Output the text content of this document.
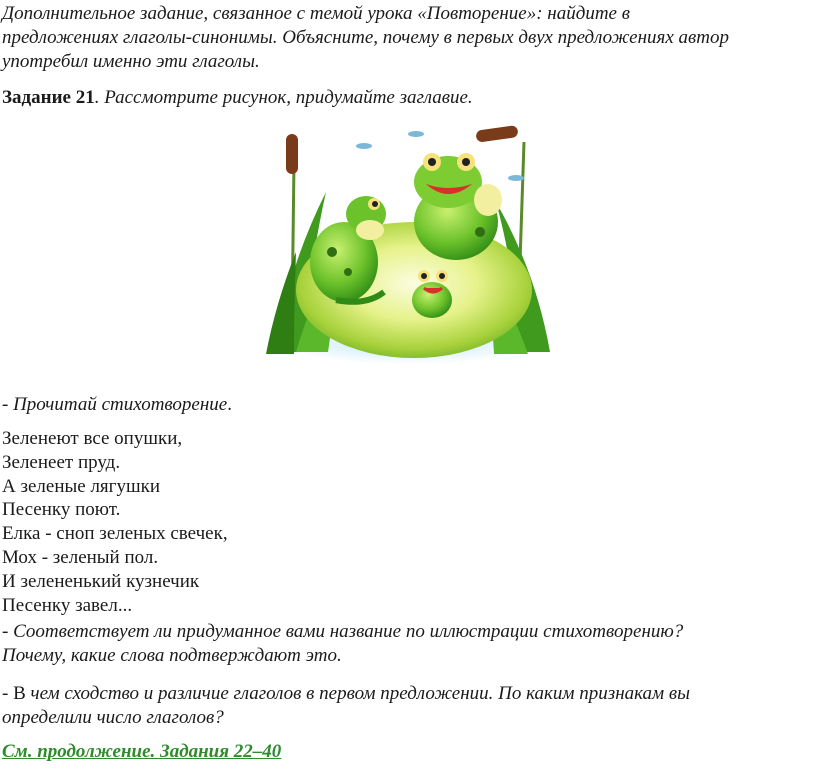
Дополнительное задание, связанное с темой урока «Повторение»: найдите в

предложениях глаголы-синонимы. Объясните, почему в первых двух предложениях автор

употребил именно эти глаголы.

Задание 21. Рассмотрите рисунок, придумайте заглавие.

- Прочитай стихотворение.

Зеленеют все опушки,
Зеленеет пруд.
А зеленые лягушки
Песенку поют.
Елка - сноп зеленых свечек,
Мох - зеленый пол.
И зелененький кузнечик
Песенку завел...

- Соответствует ли придуманное вами название по иллюстрации стихотворению?

Почему, какие слова подтверждают это.

- В чем сходство и различие глаголов в первом предложении. По каким признакам вы

определили число глаголов?

См. продолжение. Задания 22–40
